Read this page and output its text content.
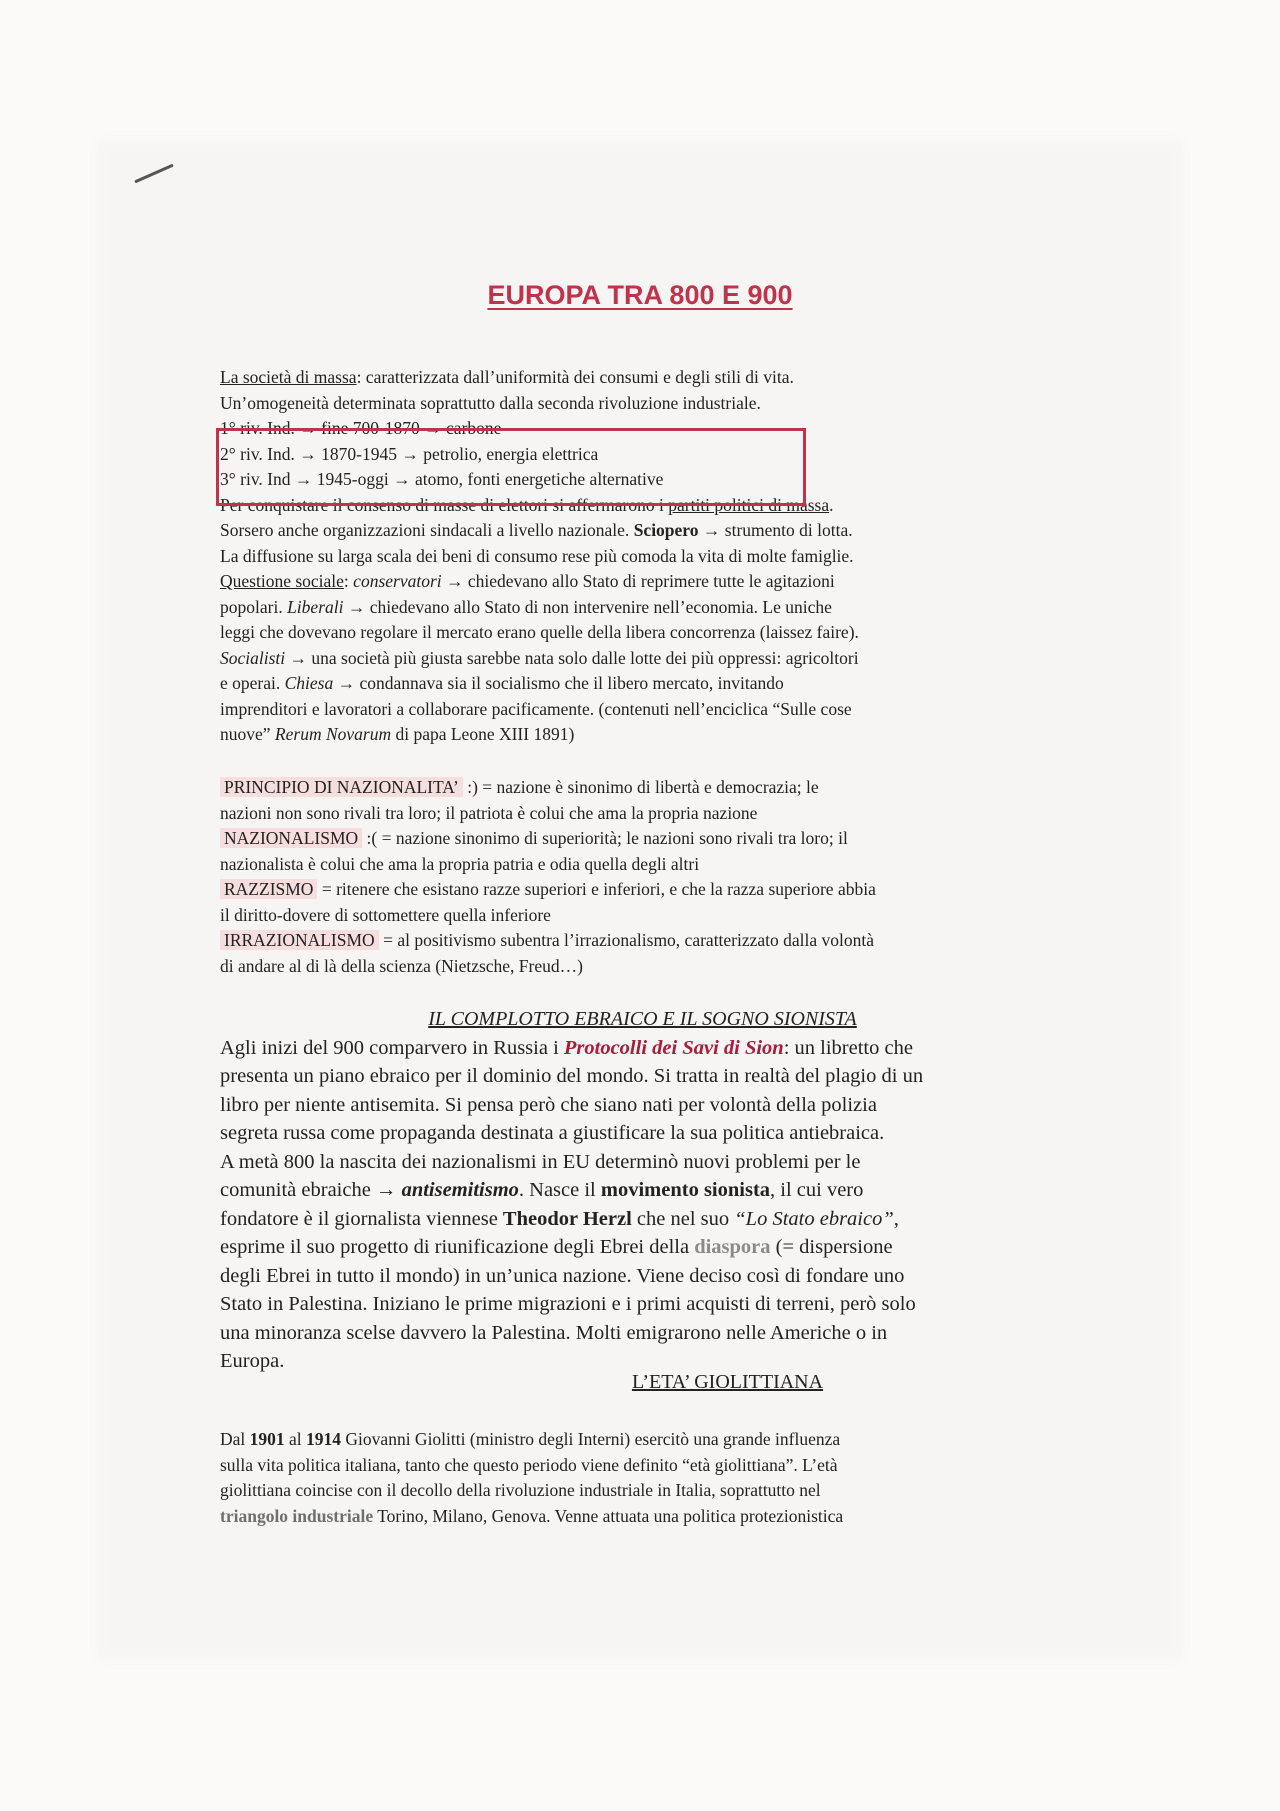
EUROPA TRA 800 E 900
La società di massa: caratterizzata dall’uniformità dei consumi e degli stili di vita.
Un’omogeneità determinata soprattutto dalla seconda rivoluzione industriale.
1° riv. Ind. → fine 700-1870 → carbone
2° riv. Ind. → 1870-1945 → petrolio, energia elettrica
3° riv. Ind → 1945-oggi → atomo, fonti energetiche alternative
Per conquistare il consenso di masse di elettori si affermarono i partiti politici di massa.
Sorsero anche organizzazioni sindacali a livello nazionale. Sciopero → strumento di lotta.
La diffusione su larga scala dei beni di consumo rese più comoda la vita di molte famiglie.
Questione sociale: conservatori → chiedevano allo Stato di reprimere tutte le agitazioni
popolari. Liberali → chiedevano allo Stato di non intervenire nell’economia. Le uniche
leggi che dovevano regolare il mercato erano quelle della libera concorrenza (laissez faire).
Socialisti → una società più giusta sarebbe nata solo dalle lotte dei più oppressi: agricoltori
e operai. Chiesa → condannava sia il socialismo che il libero mercato, invitando
imprenditori e lavoratori a collaborare pacificamente. (contenuti nell’enciclica “Sulle cose
nuove” Rerum Novarum di papa Leone XIII 1891)
PRINCIPIO DI NAZIONALITA’ :) = nazione è sinonimo di libertà e democrazia; le
nazioni non sono rivali tra loro; il patriota è colui che ama la propria nazione
NAZIONALISMO :( = nazione sinonimo di superiorità; le nazioni sono rivali tra loro; il
nazionalista è colui che ama la propria patria e odia quella degli altri
RAZZISMO = ritenere che esistano razze superiori e inferiori, e che la razza superiore abbia
il diritto-dovere di sottomettere quella inferiore
IRRAZIONALISMO = al positivismo subentra l’irrazionalismo, caratterizzato dalla volontà
di andare al di là della scienza (Nietzsche, Freud…)
IL COMPLOTTO EBRAICO E IL SOGNO SIONISTA
Agli inizi del 900 comparvero in Russia i Protocolli dei Savi di Sion: un libretto che
presenta un piano ebraico per il dominio del mondo. Si tratta in realtà del plagio di un
libro per niente antisemita. Si pensa però che siano nati per volontà della polizia
segreta russa come propaganda destinata a giustificare la sua politica antiebraica.
A metà 800 la nascita dei nazionalismi in EU determinò nuovi problemi per le
comunità ebraiche → antisemitismo. Nasce il movimento sionista, il cui vero
fondatore è il giornalista viennese Theodor Herzl che nel suo “Lo Stato ebraico”,
esprime il suo progetto di riunificazione degli Ebrei della diaspora (= dispersione
degli Ebrei in tutto il mondo) in un’unica nazione. Viene deciso così di fondare uno
Stato in Palestina. Iniziano le prime migrazioni e i primi acquisti di terreni, però solo
una minoranza scelse davvero la Palestina. Molti emigrarono nelle Americhe o in
Europa.
L’ETA’ GIOLITTIANA
Dal 1901 al 1914 Giovanni Giolitti (ministro degli Interni) esercitò una grande influenza
sulla vita politica italiana, tanto che questo periodo viene definito “età giolittiana”. L’età
giolittiana coincise con il decollo della rivoluzione industriale in Italia, soprattutto nel
triangolo industriale Torino, Milano, Genova. Venne attuata una politica protezionistica
